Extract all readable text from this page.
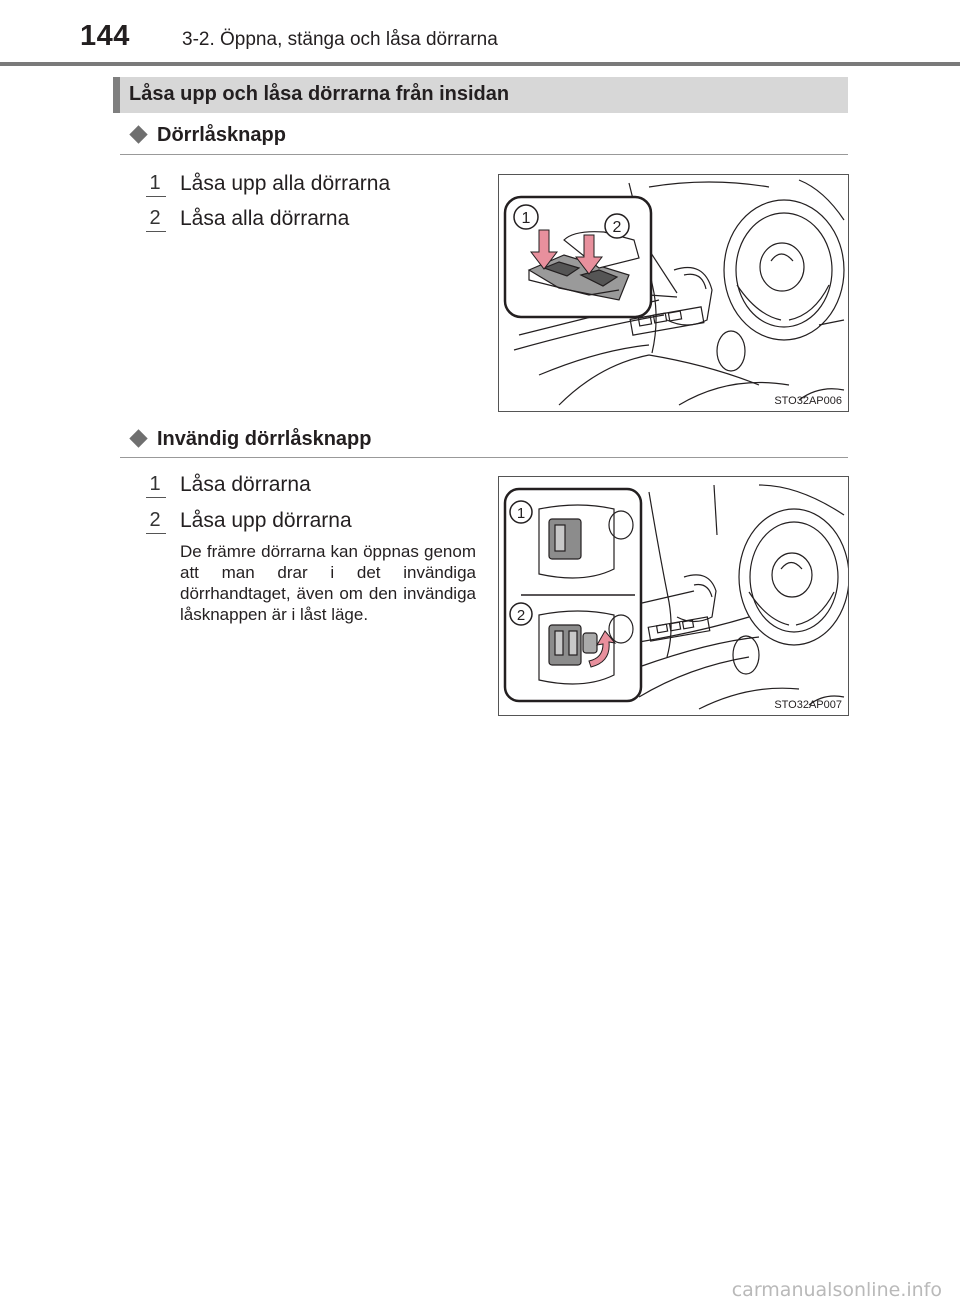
144	3-2. Öppna, stänga och låsa dörrarna
Låsa upp och låsa dörrarna från insidan
Dörrlåsknapp
1 Låsa upp alla dörrarna
2 Låsa alla dörrarna	1
2
STO32AP006
Invändig dörrlåsknapp
1 Låsa dörrarna
2 Låsa upp dörrarna
De främre dörrarna kan öppnas genom att man drar i det invändiga dörrhandtaget, även om den invändiga låsknappen är i låst läge.
1
2
STO32AP007
carmanualsonline.info
